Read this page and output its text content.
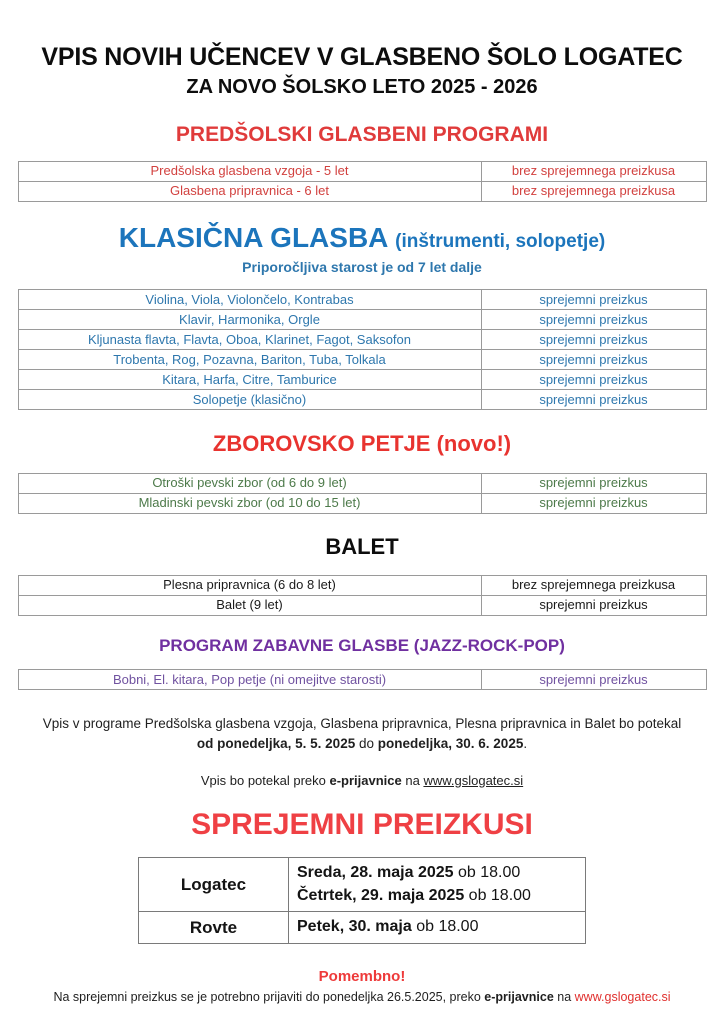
VPIS NOVIH UČENCEV V GLASBENO ŠOLO LOGATEC
ZA NOVO ŠOLSKO LETO 2025 - 2026
PREDŠOLSKI GLASBENI PROGRAMI
Predšolska glasbena vzgoja - 5 let	brez sprejemnega preizkusa
Glasbena pripravnica - 6 let	brez sprejemnega preizkusa
KLASIČNA GLASBA (inštrumenti, solopetje)
Priporočljiva starost je od 7 let dalje
Violina, Viola, Violončelo, Kontrabas	sprejemni preizkus
Klavir, Harmonika, Orgle	sprejemni preizkus
Kljunasta flavta, Flavta, Oboa, Klarinet, Fagot, Saksofon	sprejemni preizkus
Trobenta, Rog, Pozavna, Bariton, Tuba, Tolkala	sprejemni preizkus
Kitara, Harfa, Citre, Tamburice	sprejemni preizkus
Solopetje (klasično)	sprejemni preizkus
ZBOROVSKO PETJE (novo!)
Otroški pevski zbor (od 6 do 9 let)	sprejemni preizkus
Mladinski pevski zbor (od 10 do 15 let)	sprejemni preizkus
BALET
Plesna pripravnica (6 do 8 let)	brez sprejemnega preizkusa
Balet (9 let)	sprejemni preizkus
PROGRAM ZABAVNE GLASBE (JAZZ-ROCK-POP)
Bobni, El. kitara, Pop petje (ni omejitve starosti)	sprejemni preizkus
Vpis v programe Predšolska glasbena vzgoja, Glasbena pripravnica, Plesna pripravnica in Balet bo potekal
od ponedeljka, 5. 5. 2025 do ponedeljka, 30. 6. 2025.
Vpis bo potekal preko e-prijavnice na www.gslogatec.si
SPREJEMNI PREIZKUSI
Logatec	Sreda, 28. maja 2025 ob 18.00
Četrtek, 29. maja 2025 ob 18.00
Rovte	Petek, 30. maja ob 18.00
Pomembno!
Na sprejemni preizkus se je potrebno prijaviti do ponedeljka 26.5.2025, preko e-prijavnice na www.gslogatec.si
